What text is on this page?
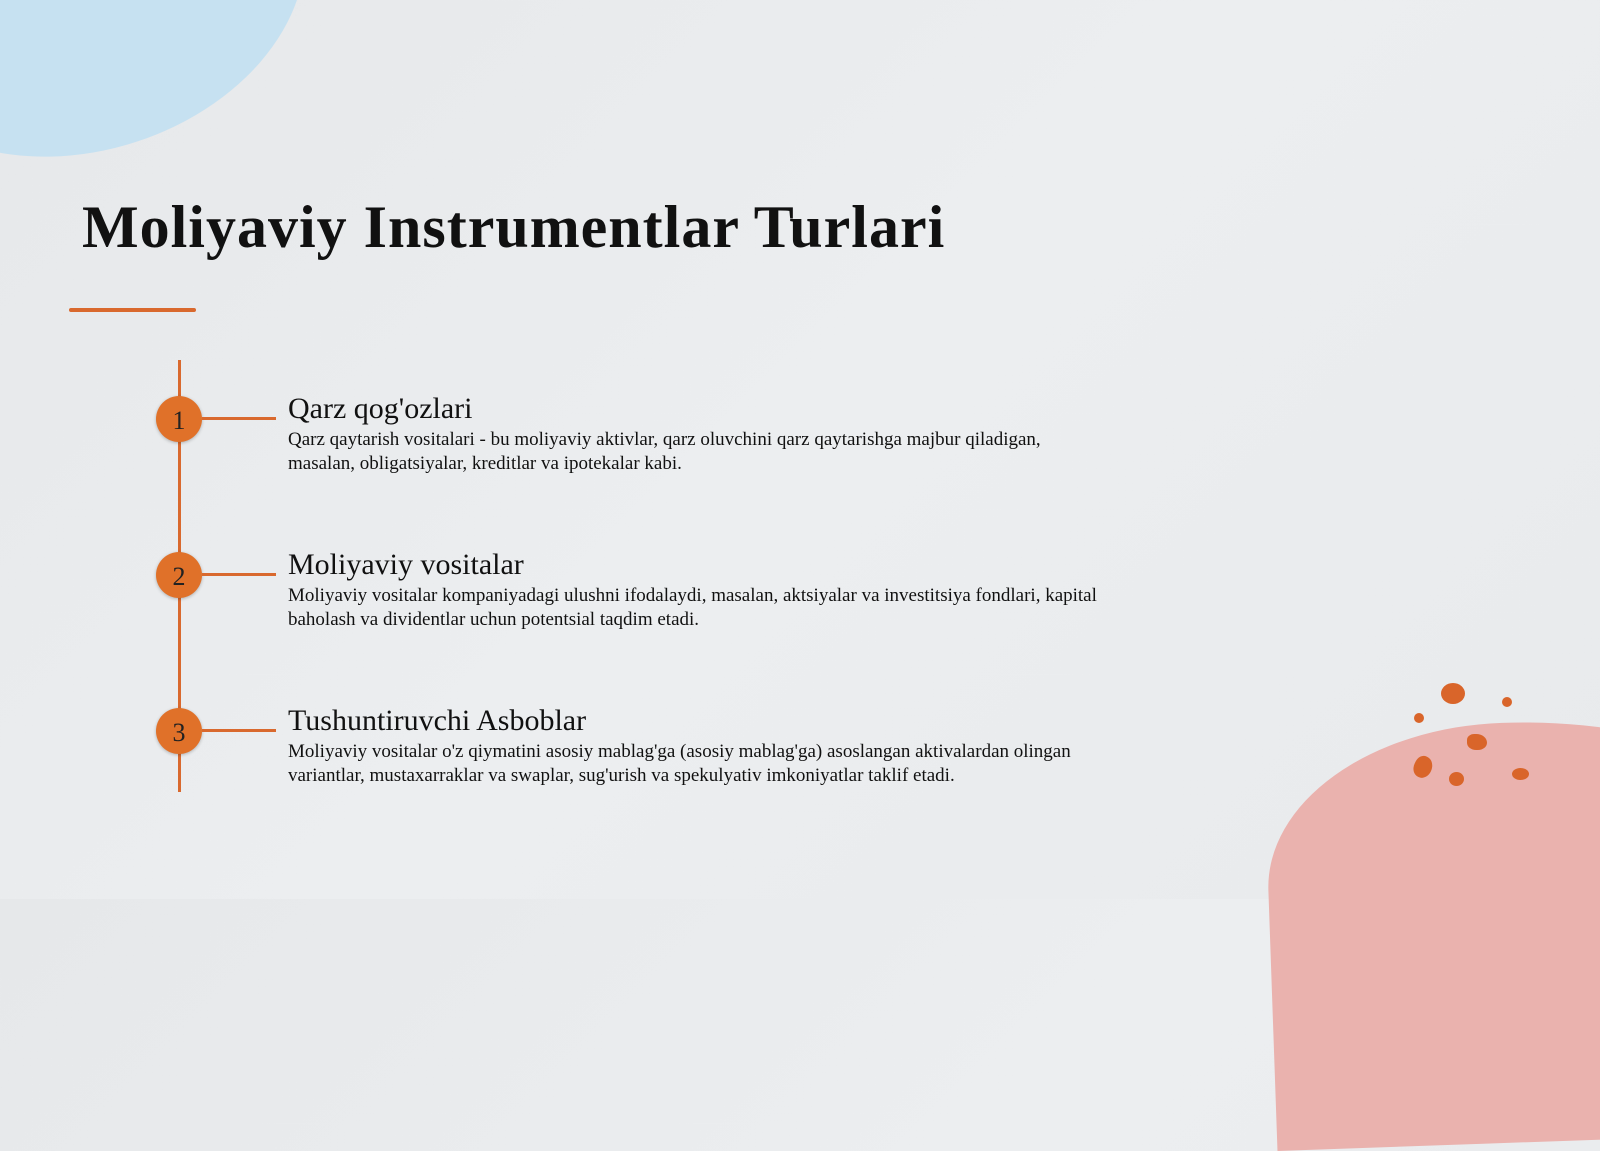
Moliyaviy Instrumentlar Turlari
1	Qarz qog'ozlari

Qarz qaytarish vositalari - bu moliyaviy aktivlar, qarz oluvchini qarz qaytarishga majbur qiladigan, masalan, obligatsiyalar, kreditlar va ipotekalar kabi.

2	Moliyaviy vositalar

Moliyaviy vositalar kompaniyadagi ulushni ifodalaydi, masalan, aktsiyalar va investitsiya fondlari, kapital baholash va dividentlar uchun potentsial taqdim etadi.

3	Tushuntiruvchi Asboblar

Moliyaviy vositalar o'z qiymatini asosiy mablag'ga (asosiy mablag'ga) asoslangan aktivalardan olingan variantlar, mustaxarraklar va swaplar, sug'urish va spekulyativ imkoniyatlar taklif etadi.
